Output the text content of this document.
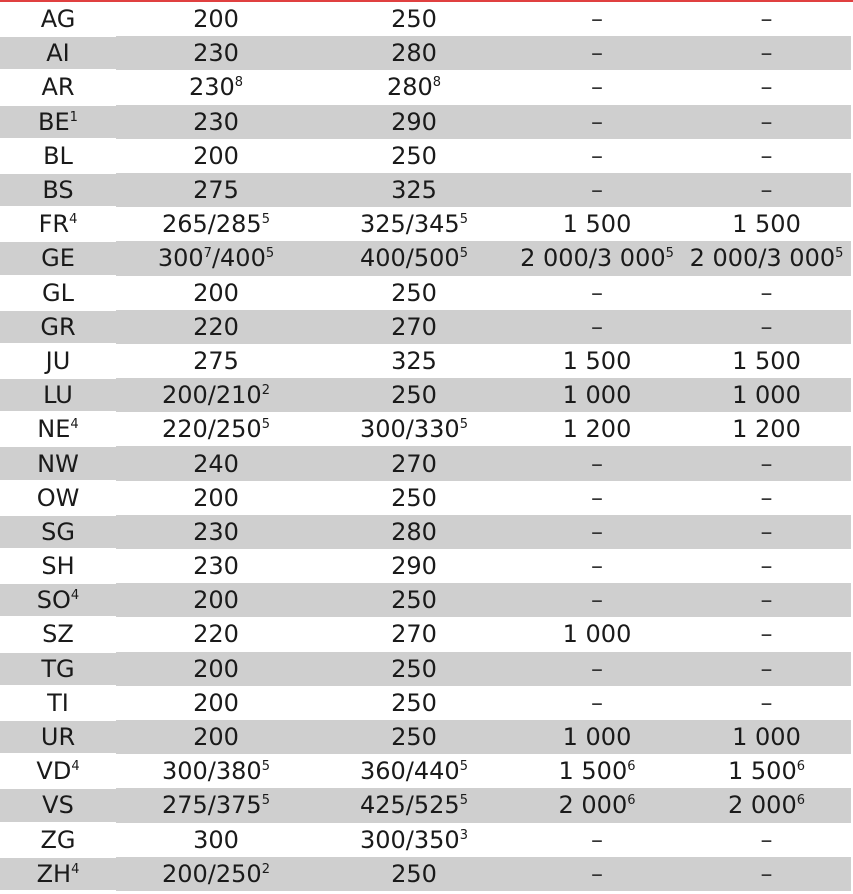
AG	200	250	–	–
AI	230	280	–	–
AR	$230^8$	$280^8$	–	–
$BE^1$	230	290	–	–
BL	200	250	–	–
BS	275	325	–	–
$FR^4$	$265/285^5$	$325/345^5$	1 500	1 500
GE	$300^7/400^5$	$400/500^5$	2 000/3 $000^5$	2 000/3 $000^5$
GL	200	250	–	–
GR	220	270	–	–
JU	275	325	1 500	1 500
LU	$200/210^2$	250	1 000	1 000
$NE^4$	$220/250^5$	$300/330^5$	1 200	1 200
NW	240	270	–	–
OW	200	250	–	–
SG	230	280	–	–
SH	230	290	–	–
$SO^4$	200	250	–	–
SZ	220	270	1 000	–
TG	200	250	–	–
TI	200	250	–	–
UR	200	250	1 000	1 000
$VD^4$	$300/380^5$	$360/440^5$	1 $500^6$	1 $500^6$
VS	$275/375^5$	$425/525^5$	2 $000^6$	2 $000^6$
ZG	300	$300/350^3$	–	–
$ZH^4$	$200/250^2$	250	–	–
